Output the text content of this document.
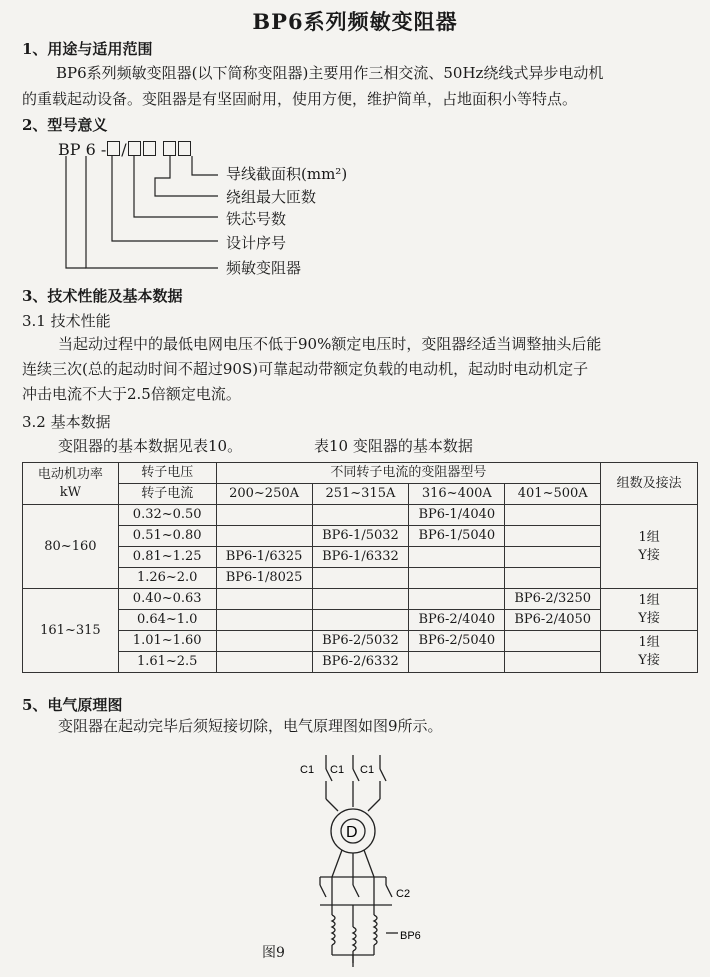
BP6系列频敏变阻器
1、用途与适用范围
BP6系列频敏变阻器(以下简称变阻器)主要用作三相交流、50Hz绕线式异步电动机
的重载起动设备。变阻器是有坚固耐用，使用方便，维护简单，占地面积小等特点。
2、型号意义
BP 6 - /
导线截面积(mm²)
绕组最大匝数
铁芯号数
设计序号
频敏变阻器
3、技术性能及基本数据
3.1 技术性能
当起动过程中的最低电网电压不低于90%额定电压时，变阻器经适当调整抽头后能
连续三次(总的起动时间不超过90S)可靠起动带额定负载的电动机，起动时电动机定子
冲击电流不大于2.5倍额定电流。
3.2 基本数据
变阻器的基本数据见表10。	表10 变阻器的基本数据
电动机功率
kW	转子电压	不同转子电流的变阻器型号				组数及接法
	转子电流	200~250A	251~315A	316~400A	401~500A	
80~160	0.32~0.50			BP6-1/4040		1组
Y接

	0.51~0.80		BP6-1/5032	BP6-1/5040		
	0.81~1.25	BP6-1/6325	BP6-1/6332			
	1.26~2.0	BP6-1/8025				
161~315	0.40~0.63				BP6-2/3250	1组
Y接

	0.64~1.0			BP6-2/4040	BP6-2/4050	
	1.01~1.60		BP6-2/5032	BP6-2/5040		1组
Y接

	1.61~2.5		BP6-2/6332			
5、电气原理图
变阻器在起动完毕后须短接切除，电气原理图如图9所示。
C1 C1 C1
D
C2
BP6
图9
